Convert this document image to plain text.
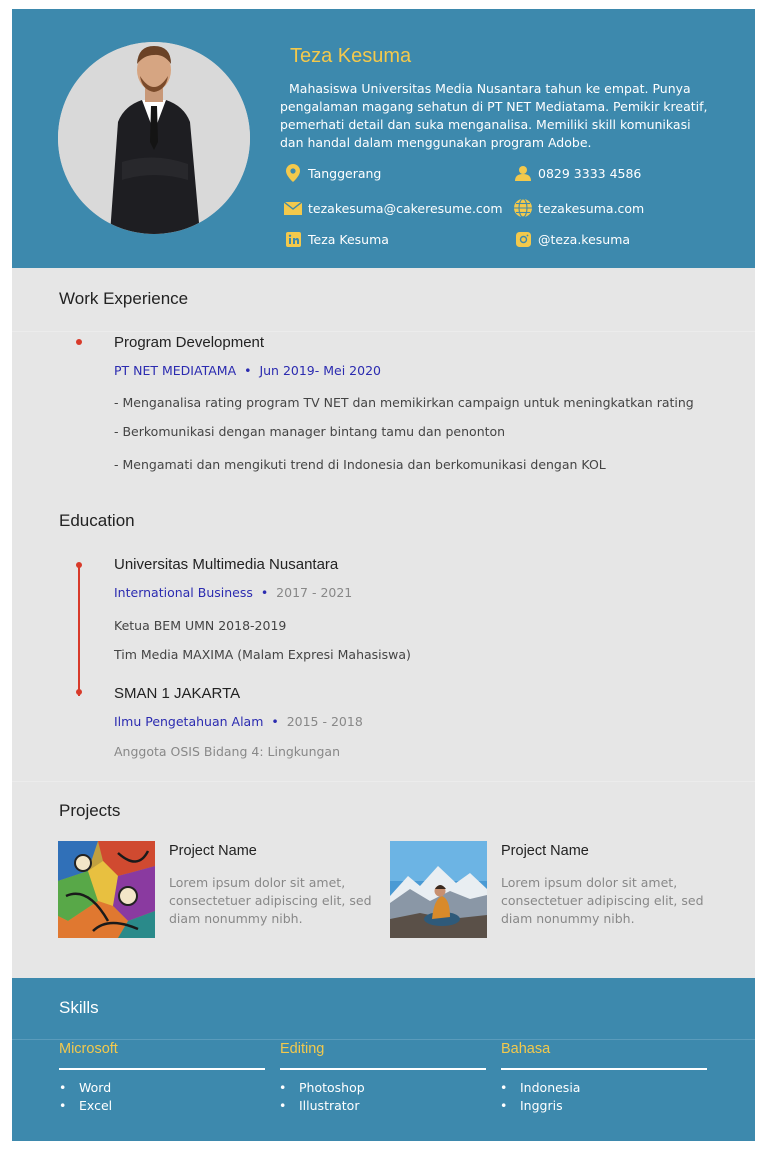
Teza Kesuma
Mahasiswa Universitas Media Nusantara tahun ke empat. Punya pengalaman magang sehatun di PT NET Mediatama. Pemikir kreatif, pemerhati detail dan suka menganalisa. Memiliki skill komunikasi dan handal dalam menggunakan program Adobe.
Tanggerang	0829 3333 4586
tezakesuma@cakeresume.com	tezakesuma.com
Teza Kesuma	@teza.kesuma
Work Experience
Program Development
PT NET MEDIATAMA  •  Jun 2019- Mei 2020
- Menganalisa rating program TV NET dan memikirkan campaign untuk meningkatkan rating
- Berkomunikasi dengan manager bintang tamu dan penonton
- Mengamati dan mengikuti trend di Indonesia dan berkomunikasi dengan KOL
Education
Universitas Multimedia Nusantara
International Business  •  2017 - 2021
Ketua BEM UMN 2018-2019
Tim Media MAXIMA (Malam Expresi Mahasiswa)
SMAN 1 JAKARTA
Ilmu Pengetahuan Alam  •  2015 - 2018
Anggota OSIS Bidang 4: Lingkungan
Projects
Project Name
Lorem ipsum dolor sit amet, consectetuer adipiscing elit, sed diam nonummy nibh.
Project Name
Lorem ipsum dolor sit amet, consectetuer adipiscing elit, sed diam nonummy nibh.
Skills
Microsoft
• Word
• Excel
Editing
• Photoshop
• Illustrator
Bahasa
• Indonesia
• Inggris
